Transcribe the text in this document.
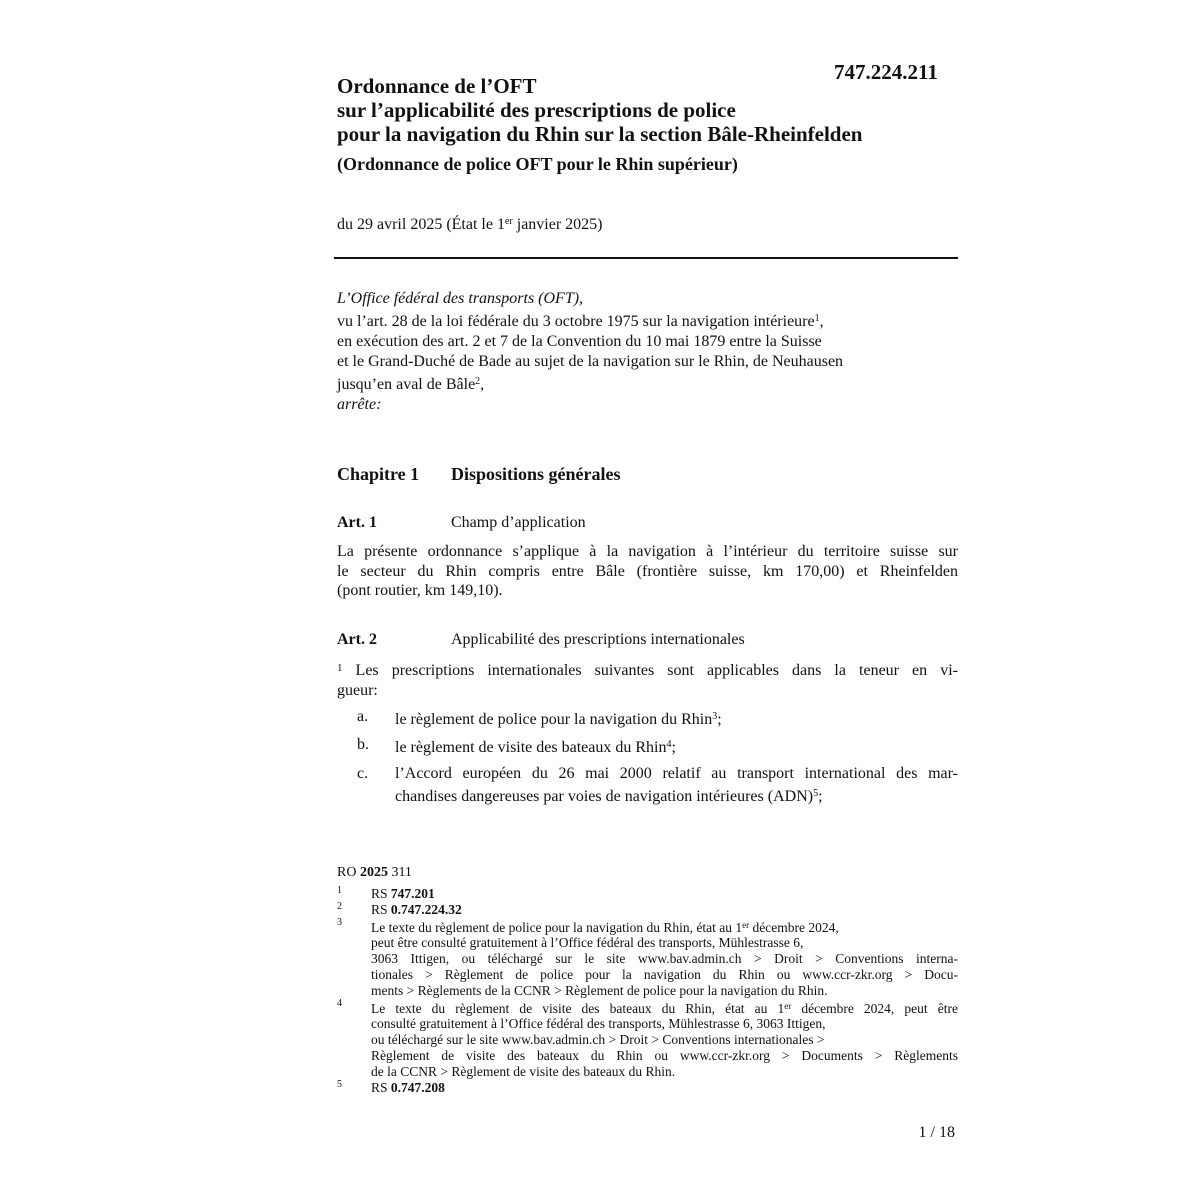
747.224.211
Ordonnance de l’OFT
sur l’applicabilité des prescriptions de police
pour la navigation du Rhin sur la section Bâle-Rheinfelden
(Ordonnance de police OFT pour le Rhin supérieur)
du 29 avril 2025 (État le 1er janvier 2025)
L’Office fédéral des transports (OFT),
vu l’art. 28 de la loi fédérale du 3 octobre 1975 sur la navigation intérieure$^1$,
en exécution des art. 2 et 7 de la Convention du 10 mai 1879 entre la Suisse
et le Grand-Duché de Bade au sujet de la navigation sur le Rhin, de Neuhausen
jusqu’en aval de Bâle$^2$,
arrête:
Chapitre 1 Dispositions générales
Art. 1	Champ d’application
La présente ordonnance s’applique à la navigation à l’intérieur du territoire suisse sur
le secteur du Rhin compris entre Bâle (frontière suisse, km 170,00) et Rheinfelden
(pont routier, km 149,10).
Art. 2	Applicabilité des prescriptions internationales
$^1$ Les prescriptions internationales suivantes sont applicables dans la teneur en vi-
gueur:
a. le règlement de police pour la navigation du Rhin$^3$;
b. le règlement de visite des bateaux du Rhin$^4$;
c. l’Accord européen du 26 mai 2000 relatif au transport international des mar-
chandises dangereuses par voies de navigation intérieures (ADN)$^5$;
RO 2025 311
1 RS 747.201
2 RS 0.747.224.32
3 Le texte du règlement de police pour la navigation du Rhin, état au 1er décembre 2024,
peut être consulté gratuitement à l’Office fédéral des transports, Mühlestrasse 6,
3063 Ittigen, ou téléchargé sur le site www.bav.admin.ch > Droit > Conventions interna-
tionales > Règlement de police pour la navigation du Rhin ou www.ccr-zkr.org > Docu-
ments > Règlements de la CCNR > Règlement de police pour la navigation du Rhin.
4 Le texte du règlement de visite des bateaux du Rhin, état au 1er décembre 2024, peut être
consulté gratuitement à l’Office fédéral des transports, Mühlestrasse 6, 3063 Ittigen,
ou téléchargé sur le site www.bav.admin.ch > Droit > Conventions internationales >
Règlement de visite des bateaux du Rhin ou www.ccr-zkr.org > Documents > Règlements
de la CCNR > Règlement de visite des bateaux du Rhin.
5 RS 0.747.208
1 / 18
